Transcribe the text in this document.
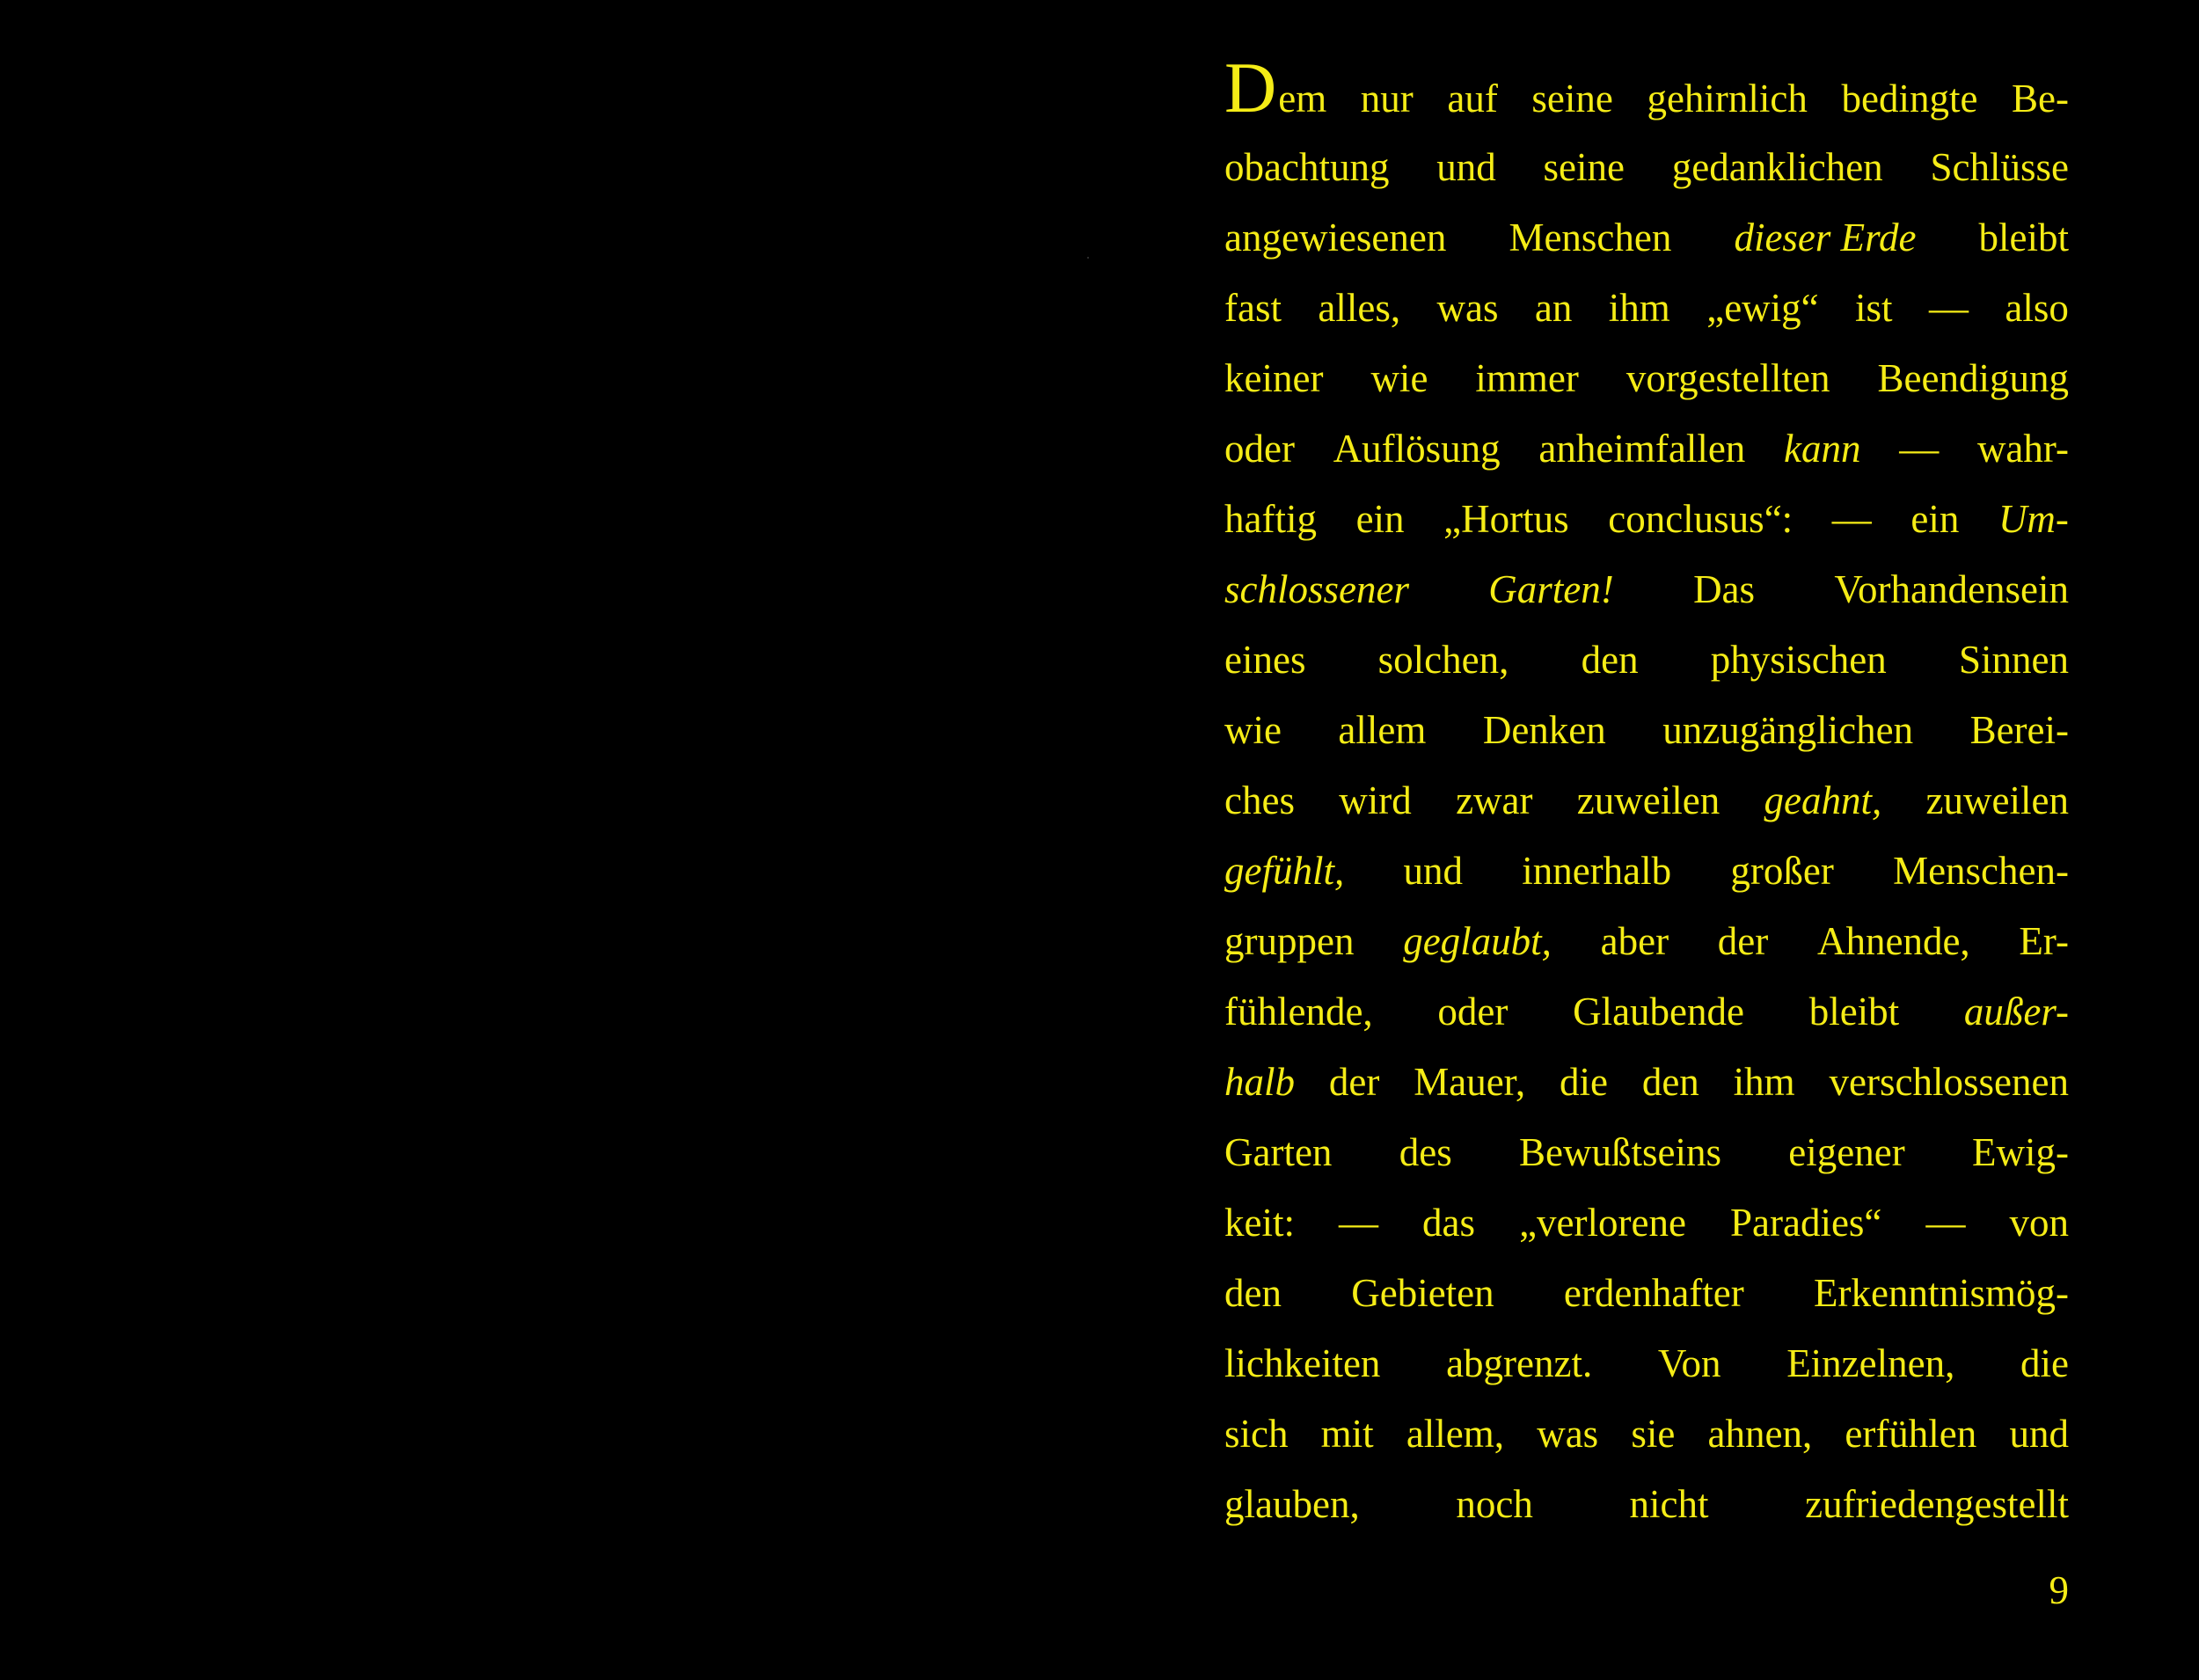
Dem nur auf seine gehirnlich bedingte Be-
obachtung und seine gedanklichen Schlüsse
angewiesenen Menschen dieser Erde bleibt
fast alles, was an ihm „ewig“ ist — also
keiner wie immer vorgestellten Beendigung
oder Auflösung anheimfallen kann — wahr-
haftig ein „Hortus conclusus“: — ein Um-
schlossener Garten! Das Vorhandensein
eines solchen, den physischen Sinnen
wie allem Denken unzugänglichen Berei-
ches wird zwar zuweilen geahnt, zuweilen
gefühlt, und innerhalb großer Menschen-
gruppen geglaubt, aber der Ahnende, Er-
fühlende, oder Glaubende bleibt außer-
halb der Mauer, die den ihm verschlossenen
Garten des Bewußtseins eigener Ewig-
keit: — das „verlorene Paradies“ — von
den Gebieten erdenhafter Erkenntnismög-
lichkeiten abgrenzt. Von Einzelnen, die
sich mit allem, was sie ahnen, erfühlen und
glauben, noch nicht zufriedengestellt
9
